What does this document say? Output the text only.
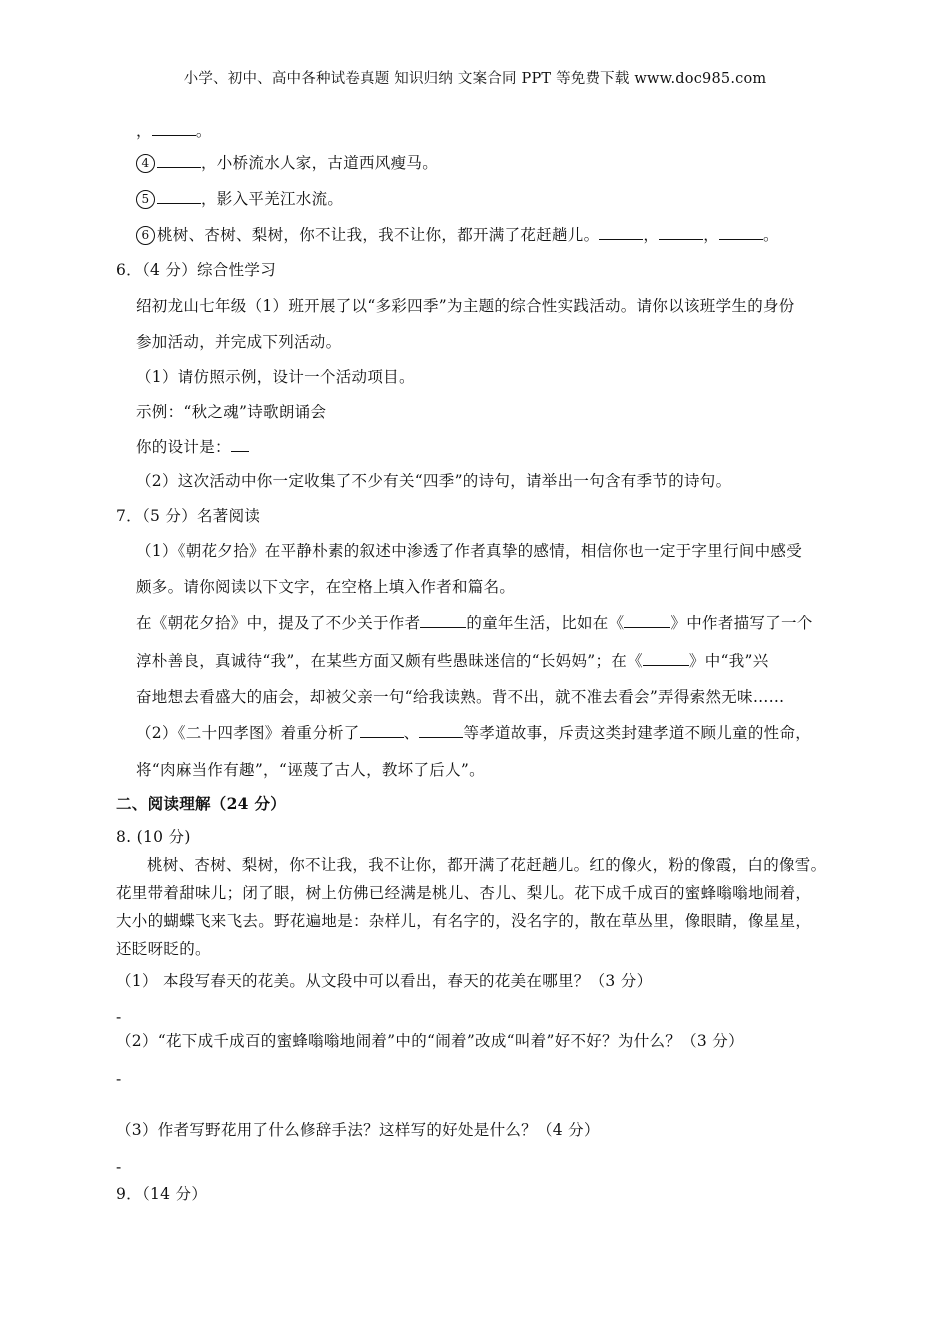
小学、初中、高中各种试卷真题 知识归纳 文案合同 PPT 等免费下载 www.doc985.com
，	。
4	，小桥流水人家，古道西风瘦马。
5	，影入平羌江水流。
6 桃树、杏树、梨树，你不让我，我不让你，都开满了花赶趟儿。	，	，	。
6．（4 分）综合性学习
绍初龙山七年级（1）班开展了以“多彩四季”为主题的综合性实践活动。请你以该班学生的身份
参加活动，并完成下列活动。
（1）请仿照示例，设计一个活动项目。
示例：“秋之魂”诗歌朗诵会
你的设计是：
（2）这次活动中你一定收集了不少有关“四季”的诗句，请举出一句含有季节的诗句。
7．（5 分）名著阅读
（1）《朝花夕拾》在平静朴素的叙述中渗透了作者真挚的感情，相信你也一定于字里行间中感受
颇多。请你阅读以下文字，在空格上填入作者和篇名。
在《朝花夕拾》中，提及了不少关于作者	的童年生活，比如在《	》中作者描写了一个
淳朴善良，真诚待“我”，在某些方面又颇有些愚昧迷信的“长妈妈”；在《	》中“我”兴
奋地想去看盛大的庙会，却被父亲一句“给我读熟。背不出，就不准去看会”弄得索然无味……
（2）《二十四孝图》着重分析了	、	等孝道故事，斥责这类封建孝道不顾儿童的性命，
将“肉麻当作有趣”，“诬蔑了古人，教坏了后人”。
二、阅读理解（24 分）
8. (10 分)
桃树、杏树、梨树，你不让我，我不让你，都开满了花赶趟儿。红的像火，粉的像霞，白的像雪。
花里带着甜味儿；闭了眼，树上仿佛已经满是桃儿、杏儿、梨儿。花下成千成百的蜜蜂嗡嗡地闹着，
大小的蝴蝶飞来飞去。野花遍地是：杂样儿，有名字的，没名字的，散在草丛里，像眼睛，像星星，
还眨呀眨的。
（1） 本段写春天的花美。从文段中可以看出，春天的花美在哪里？（3 分）
-
（2）“花下成千成百的蜜蜂嗡嗡地闹着”中的“闹着”改成“叫着”好不好？为什么？（3 分）
-
（3）作者写野花用了什么修辞手法？这样写的好处是什么？（4 分）
-
9．（14 分）
